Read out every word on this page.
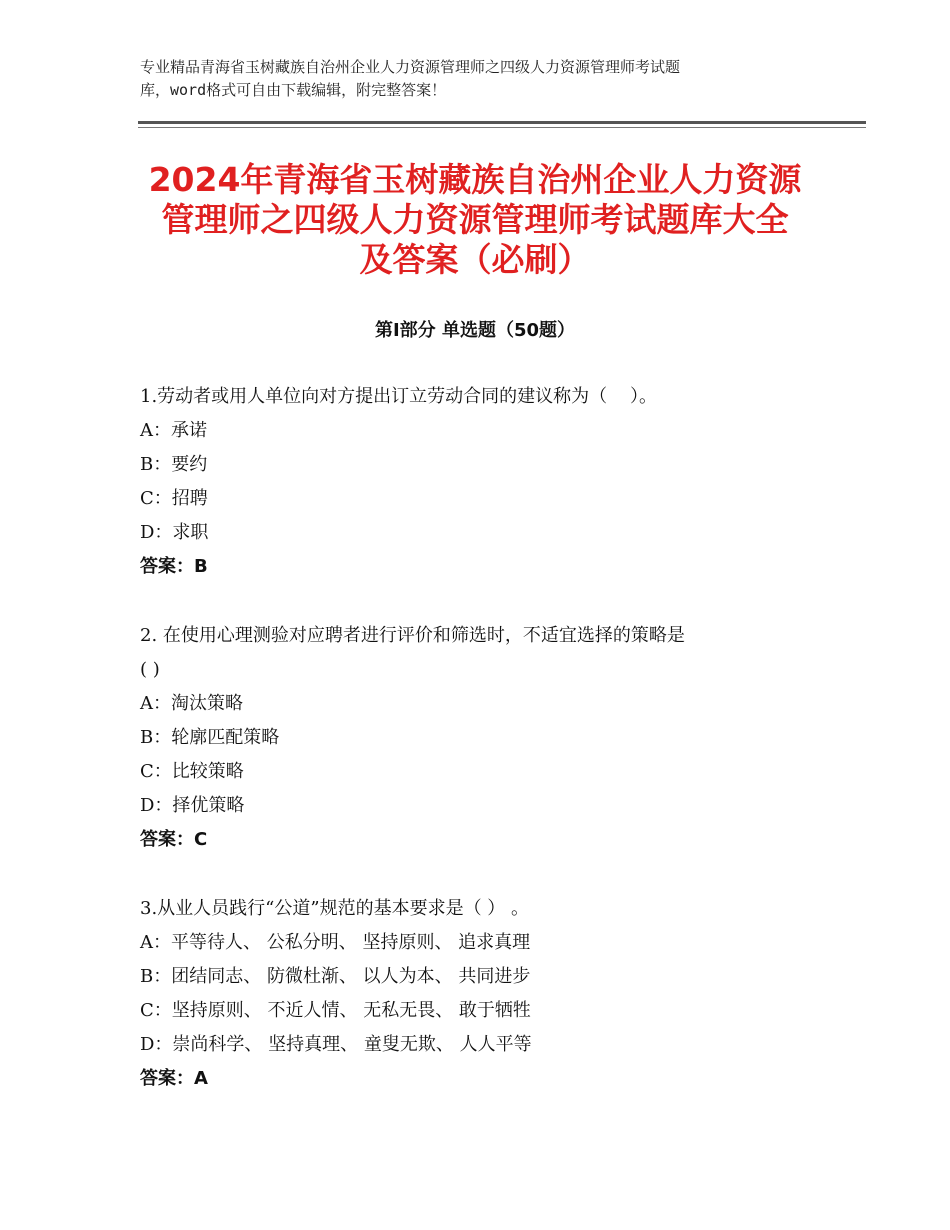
专业精品青海省玉树藏族自治州企业人力资源管理师之四级人力资源管理师考试题
库，word格式可自由下载编辑，附完整答案！
2024年青海省玉树藏族自治州企业人力资源
管理师之四级人力资源管理师考试题库大全
及答案（必刷）
第Ⅰ部分 单选题（50题）
1.劳动者或用人单位向对方提出订立劳动合同的建议称为（    ）。
A：承诺
B：要约
C：招聘
D：求职
答案：B
2. 在使用心理测验对应聘者进行评价和筛选时，不适宜选择的策略是
( )
A：淘汰策略
B：轮廓匹配策略
C：比较策略
D：择优策略
答案：C
3.从业人员践行“公道”规范的基本要求是（ ） 。
A：平等待人、 公私分明、 坚持原则、 追求真理
B：团结同志、 防微杜渐、 以人为本、 共同进步
C：坚持原则、 不近人情、 无私无畏、 敢于牺牲
D：崇尚科学、 坚持真理、 童叟无欺、 人人平等
答案：A
